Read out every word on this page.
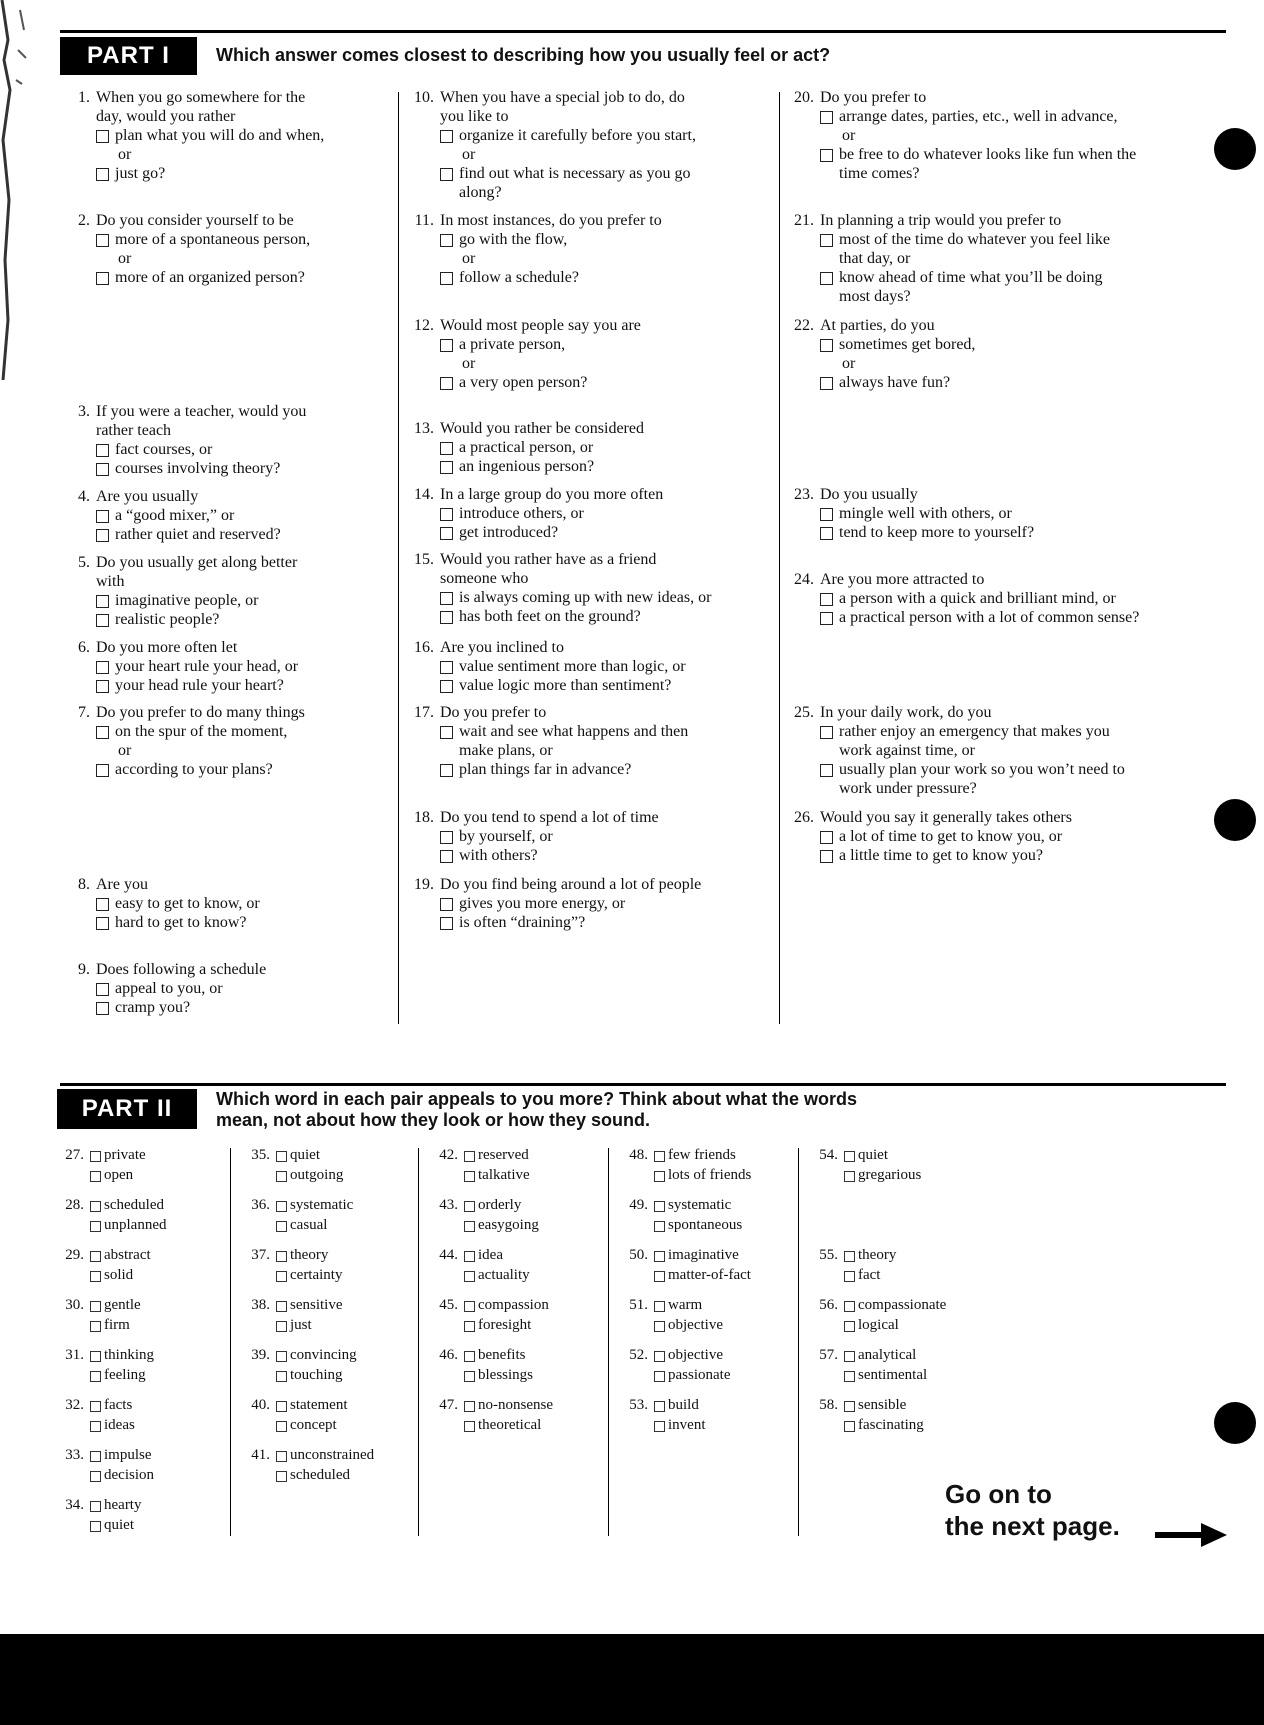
PART I	Which answer comes closest to describing how you usually feel or act?
1. When you go somewhere for the
day, would you rather
plan what you will do and when,
or
just go?
2. Do you consider yourself to be
more of a spontaneous person,
or
more of an organized person?
3. If you were a teacher, would you
rather teach
fact courses, or
courses involving theory?
4. Are you usually
a “good mixer,” or
rather quiet and reserved?
5. Do you usually get along better
with
imaginative people, or
realistic people?
6. Do you more often let
your heart rule your head, or
your head rule your heart?
7. Do you prefer to do many things
on the spur of the moment,
or
according to your plans?
8. Are you
easy to get to know, or
hard to get to know?
9. Does following a schedule
appeal to you, or
cramp you?
10. When you have a special job to do, do
you like to
organize it carefully before you start,
or
find out what is necessary as you go
along?
11. In most instances, do you prefer to
go with the flow,
or
follow a schedule?
12. Would most people say you are
a private person,
or
a very open person?
13. Would you rather be considered
a practical person, or
an ingenious person?
14. In a large group do you more often
introduce others, or
get introduced?
15. Would you rather have as a friend
someone who
is always coming up with new ideas, or
has both feet on the ground?
16. Are you inclined to
value sentiment more than logic, or
value logic more than sentiment?
17. Do you prefer to
wait and see what happens and then
make plans, or
plan things far in advance?
18. Do you tend to spend a lot of time
by yourself, or
with others?
19. Do you find being around a lot of people
gives you more energy, or
is often “draining”?
20. Do you prefer to
arrange dates, parties, etc., well in advance,
or
be free to do whatever looks like fun when the
time comes?
21. In planning a trip would you prefer to
most of the time do whatever you feel like
that day, or
know ahead of time what you’ll be doing
most days?
22. At parties, do you
sometimes get bored,
or
always have fun?
23. Do you usually
mingle well with others, or
tend to keep more to yourself?
24. Are you more attracted to
a person with a quick and brilliant mind, or
a practical person with a lot of common sense?
25. In your daily work, do you
rather enjoy an emergency that makes you
work against time, or
usually plan your work so you won’t need to
work under pressure?
26. Would you say it generally takes others
a lot of time to get to know you, or
a little time to get to know you?
PART II	Which word in each pair appeals to you more? Think about what the words
mean, not about how they look or how they sound.
27. private
open
28. scheduled
unplanned
29. abstract
solid
30. gentle
firm
31. thinking
feeling
32. facts
ideas
33. impulse
decision
34. hearty
quiet
35. quiet
outgoing
36. systematic
casual
37. theory
certainty
38. sensitive
just
39. convincing
touching
40. statement
concept
41. unconstrained
scheduled
42. reserved
talkative
43. orderly
easygoing
44. idea
actuality
45. compassion
foresight
46. benefits
blessings
47. no-nonsense
theoretical
48. few friends
lots of friends
49. systematic
spontaneous
50. imaginative
matter-of-fact
51. warm
objective
52. objective
passionate
53. build
invent
54. quiet
gregarious
55. theory
fact
56. compassionate
logical
57. analytical
sentimental
58. sensible
fascinating
Go on to
the next page.
